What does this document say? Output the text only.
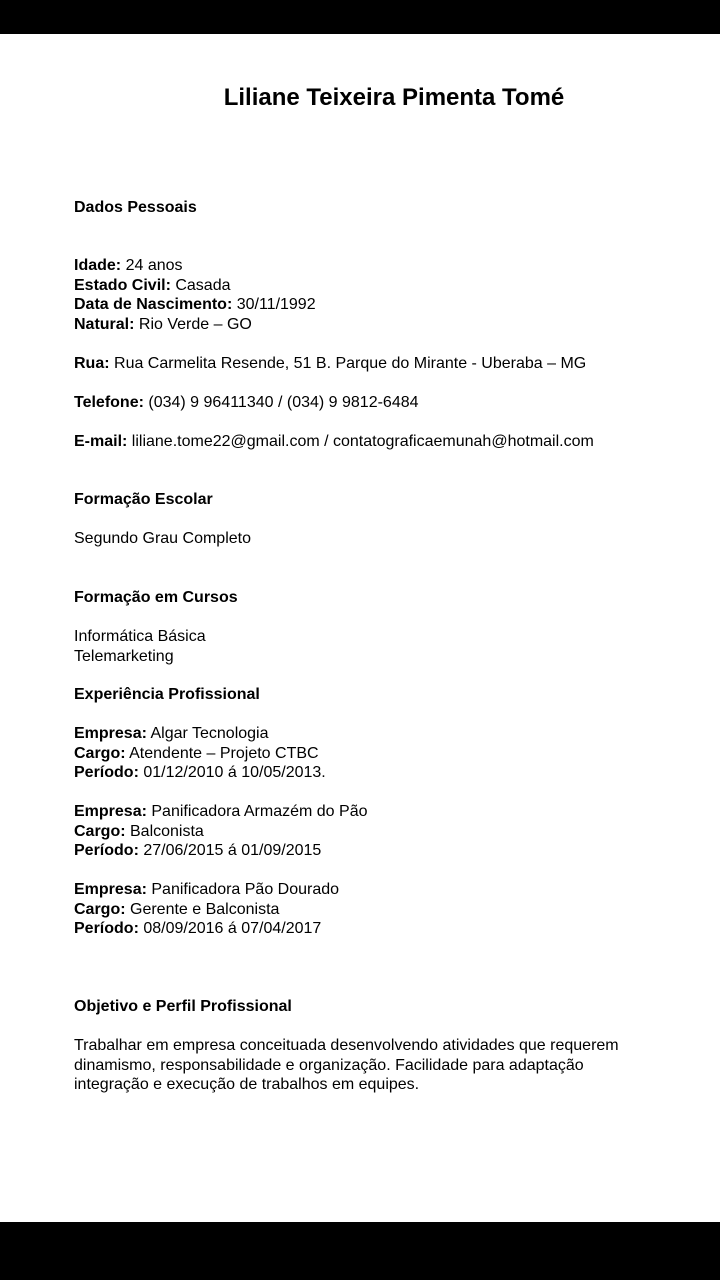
Liliane Teixeira Pimenta Tomé
Dados Pessoais
Idade: 24 anos
Estado Civil: Casada
Data de Nascimento: 30/11/1992
Natural: Rio Verde – GO
Rua: Rua Carmelita Resende, 51 B. Parque do Mirante - Uberaba – MG
Telefone: (034) 9 96411340 / (034) 9 9812-6484
E-mail: liliane.tome22@gmail.com / contatograficaemunah@hotmail.com
Formação Escolar
Segundo Grau Completo
Formação em Cursos
Informática Básica
Telemarketing
Experiência Profissional
Empresa: Algar Tecnologia
Cargo: Atendente – Projeto CTBC
Período: 01/12/2010 á 10/05/2013.
Empresa: Panificadora Armazém do Pão
Cargo: Balconista
Período: 27/06/2015 á 01/09/2015
Empresa: Panificadora Pão Dourado
Cargo: Gerente e Balconista
Período: 08/09/2016 á 07/04/2017
Objetivo e Perfil Profissional
Trabalhar em empresa conceituada desenvolvendo atividades que requerem
dinamismo, responsabilidade e organização. Facilidade para adaptação
integração e execução de trabalhos em equipes.
